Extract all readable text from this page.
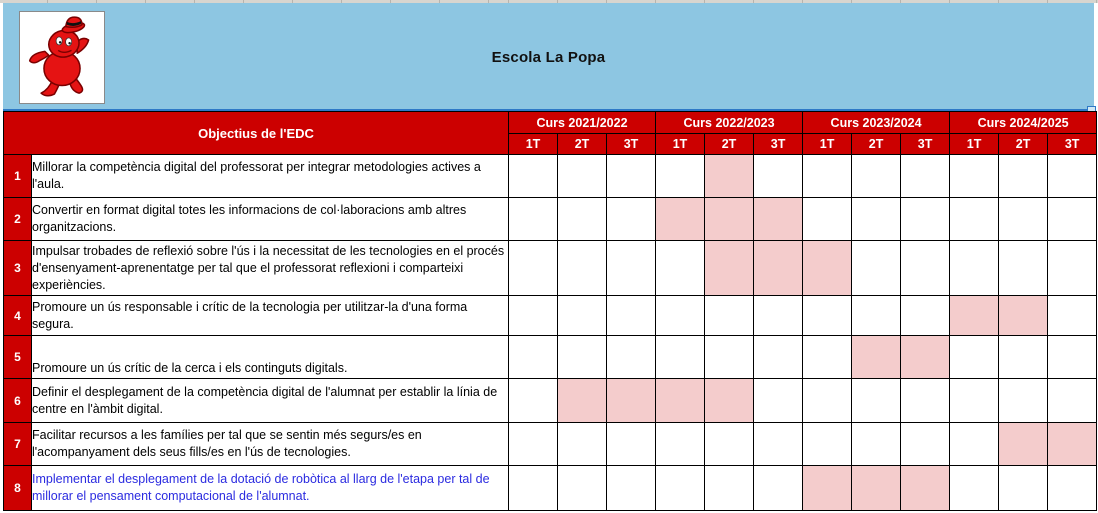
Escola La Popa
Objectius de l'EDC		Curs 2021/2022			Curs 2022/2023			Curs 2023/2024			Curs 2024/2025		
		1T	2T	3T	1T	2T	3T	1T	2T	3T	1T	2T	3T
1	Millorar la competència digital del professorat per integrar metodologies actives a l'aula.												
2	Convertir en format digital totes les informacions de col·laboracions amb altres organitzacions.												
3	Impulsar trobades de reflexió sobre l'ús i la necessitat de les tecnologies en el procés d'ensenyament-aprenentatge per tal que el professorat reflexioni i comparteixi experiències.												
4	Promoure un ús responsable i crític de la tecnologia per utilitzar-la d'una forma segura.												
5	Promoure un ús crític de la cerca i els continguts digitals.												
6	Definir el desplegament de la competència digital de l'alumnat per establir la línia de centre en l'àmbit digital.												
7	Facilitar recursos a les famílies per tal que se sentin més segurs/es en l'acompanyament dels seus fills/es en l'ús de tecnologies.												
8	Implementar el desplegament de la dotació de robòtica al llarg de l'etapa per tal de millorar el pensament computacional de l'alumnat.												
